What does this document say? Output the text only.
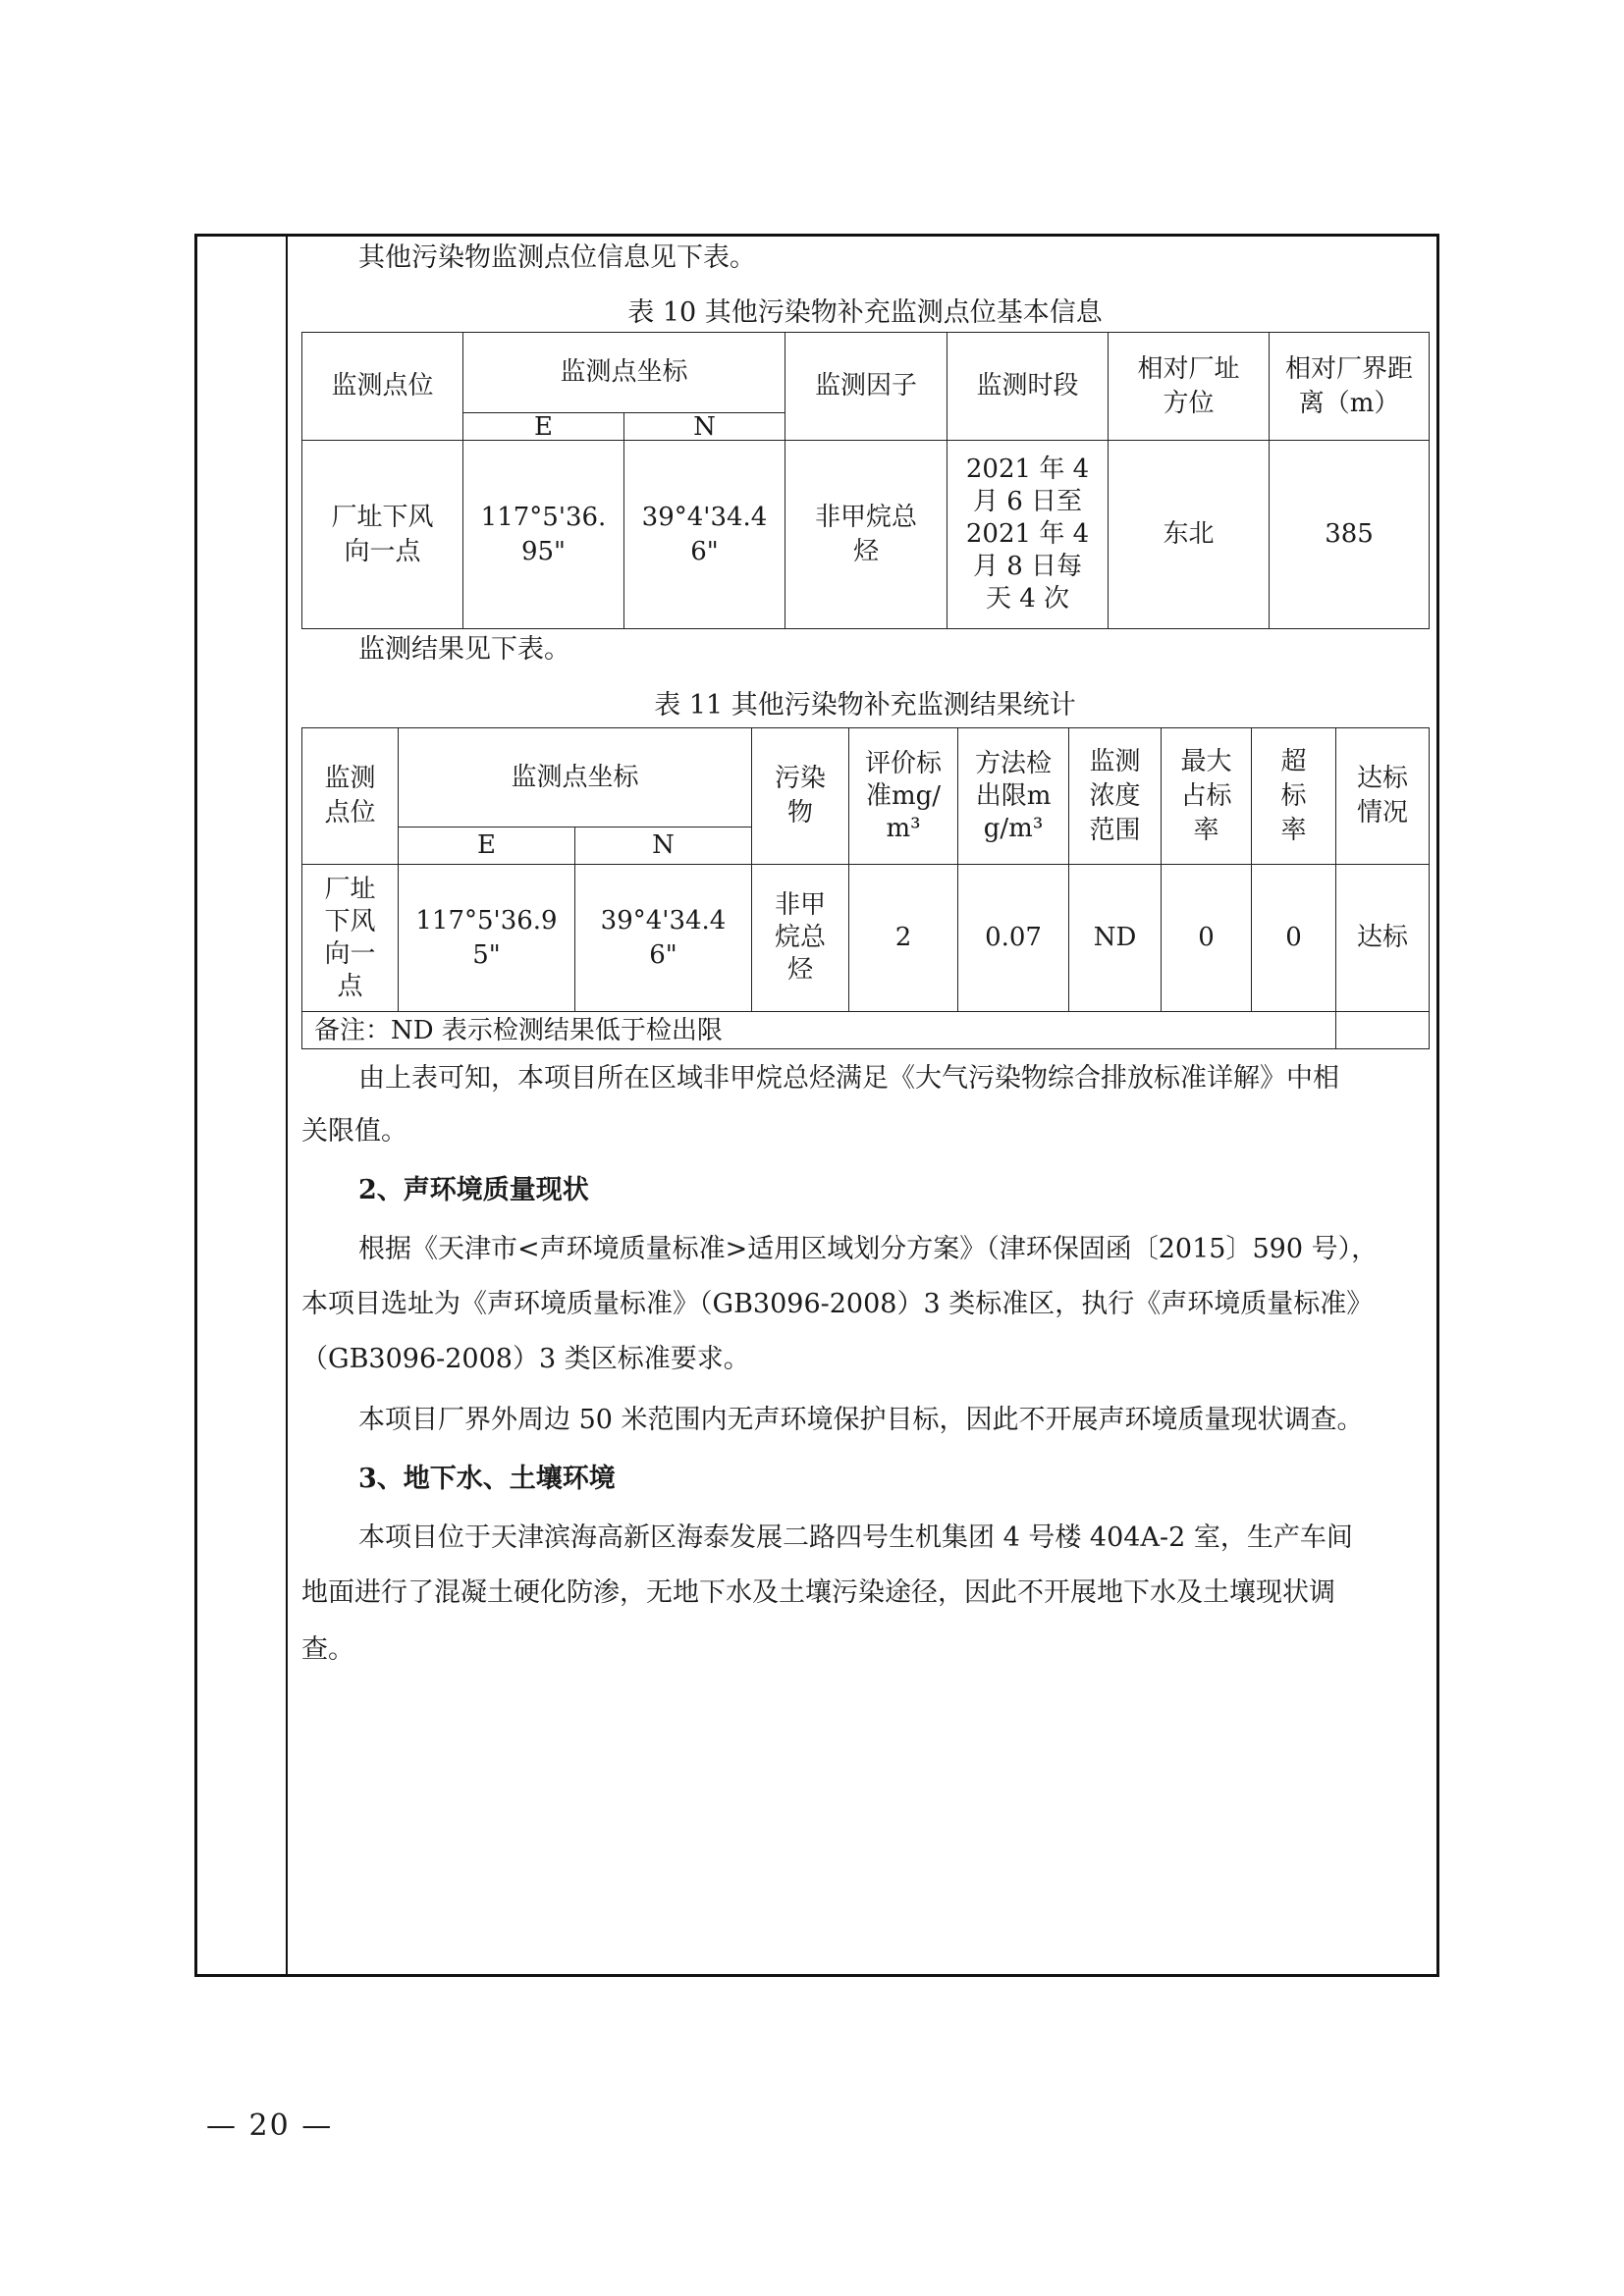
其他污染物监测点位信息见下表。
表 10 其他污染物补充监测点位基本信息
监测点位	监测点坐标		监测因子	监测时段	相对厂址方位	相对厂界距离（m）
	E	N				
厂址下风向一点	117°5'36.95"	39°4'34.46"	非甲烷总烃	2021 年 4 月 6 日至 2021 年 4 月 8 日每天 4 次	东北	385
监测结果见下表。
表 11 其他污染物补充监测结果统计
监测点位	监测点坐标		污染物	评价标准mg/m³	方法检出限mg/m³	监测浓度范围	最大占标率	超标率	达标情况
	E	N							
厂址下风向一点	117°5'36.95"	39°4'34.46"	非甲烷总烃	2	0.07	ND	0	0	达标
备注：ND 表示检测结果低于检出限									
由上表可知，本项目所在区域非甲烷总烃满足《大气污染物综合排放标准详解》中相
关限值。
2、声环境质量现状
根据《天津市<声环境质量标准>适用区域划分方案》（津环保固函〔2015〕590 号），
本项目选址为《声环境质量标准》（GB3096-2008）3 类标准区，执行《声环境质量标准》
（GB3096-2008）3 类区标准要求。
本项目厂界外周边 50 米范围内无声环境保护目标，因此不开展声环境质量现状调查。
3、地下水、土壤环境
本项目位于天津滨海高新区海泰发展二路四号生机集团 4 号楼 404A-2 室，生产车间
地面进行了混凝土硬化防渗，无地下水及土壤污染途径，因此不开展地下水及土壤现状调
查。
— 20 —
